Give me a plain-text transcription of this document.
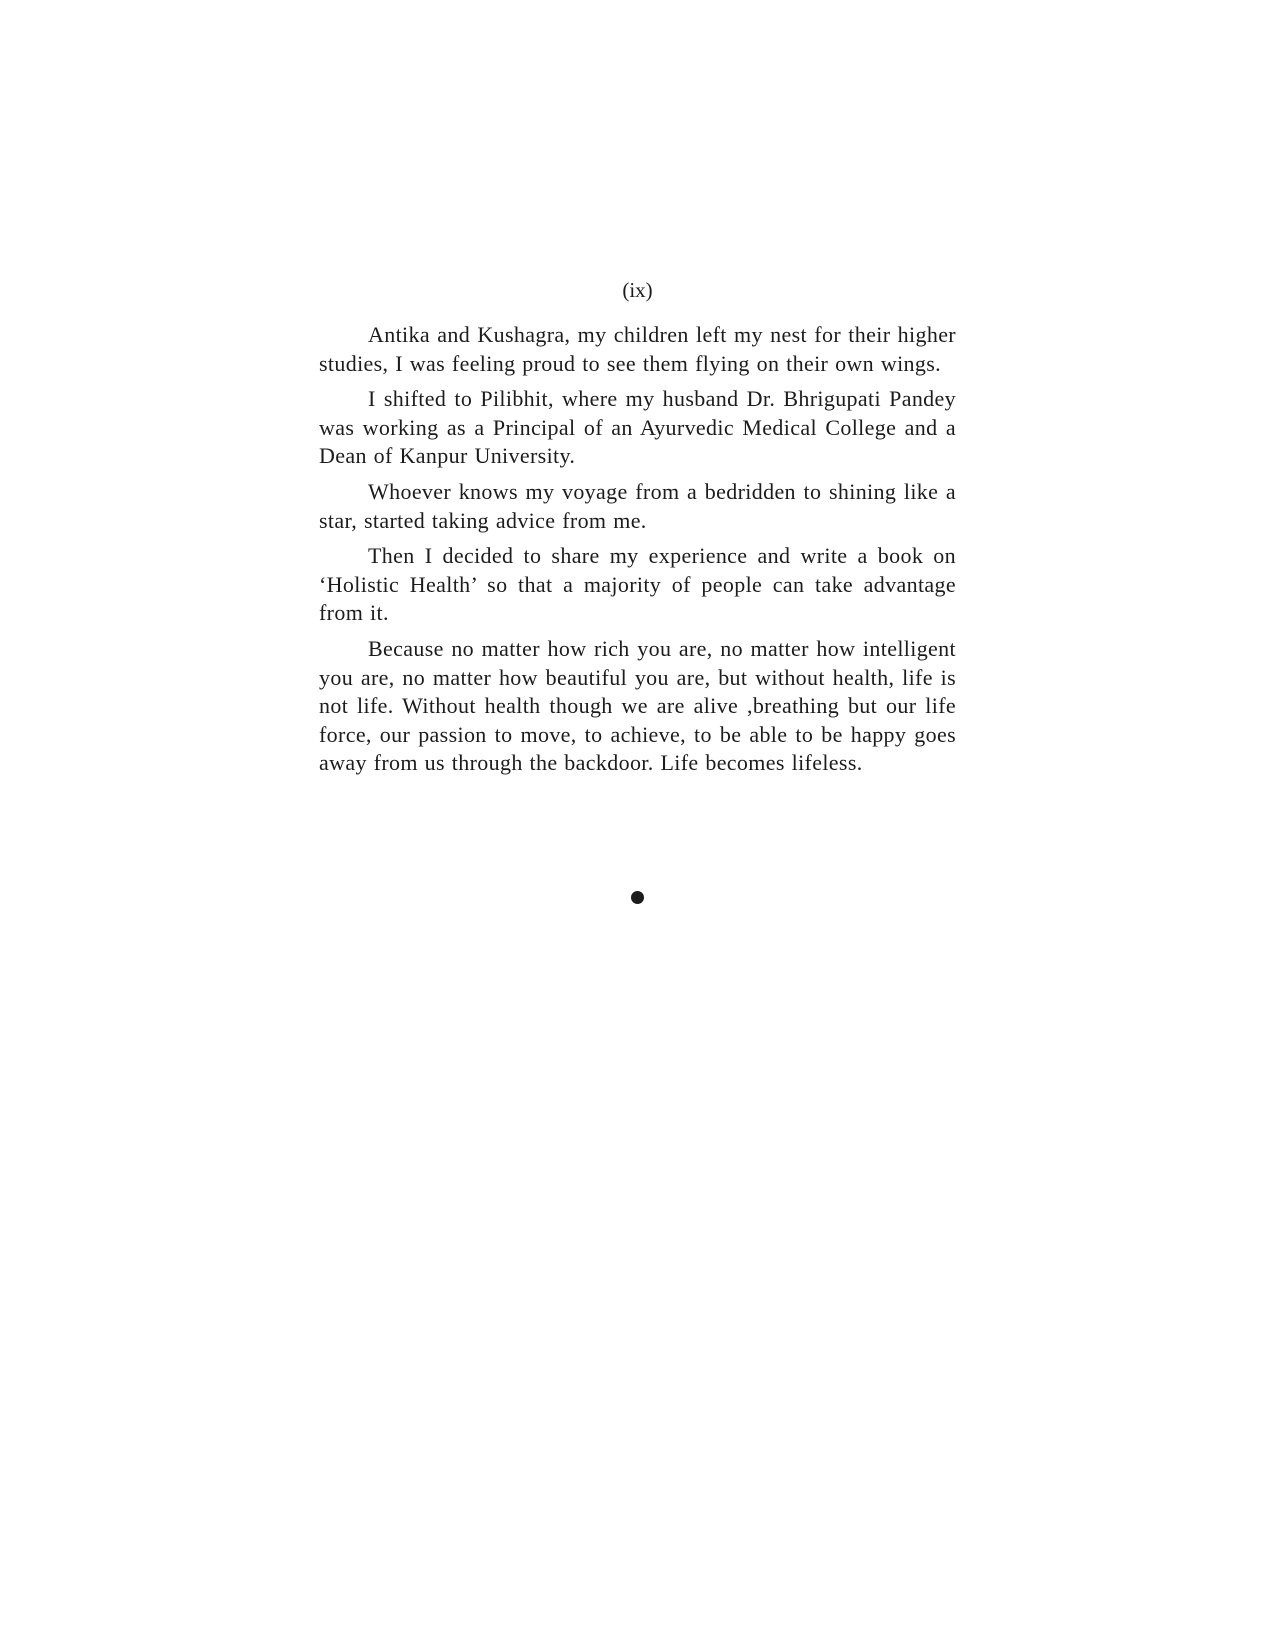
(ix)

Antika and Kushagra, my children left my nest for their higher studies, I was feeling proud to see them flying on their own wings.

I shifted to Pilibhit, where my husband Dr. Bhrigupati Pandey was working as a Principal of an Ayurvedic Medical College and a Dean of Kanpur University.

Whoever knows my voyage from a bedridden to shining like a star, started taking advice from me.

Then I decided to share my experience and write a book on ‘Holistic Health’ so that a majority of people can take advantage from it.

Because no matter how rich you are, no matter how intelligent you are, no matter how beautiful you are, but without health, life is not life. Without health though we are alive ,breathing but our life force, our passion to move, to achieve, to be able to be happy goes away from us through the backdoor. Life becomes lifeless.
